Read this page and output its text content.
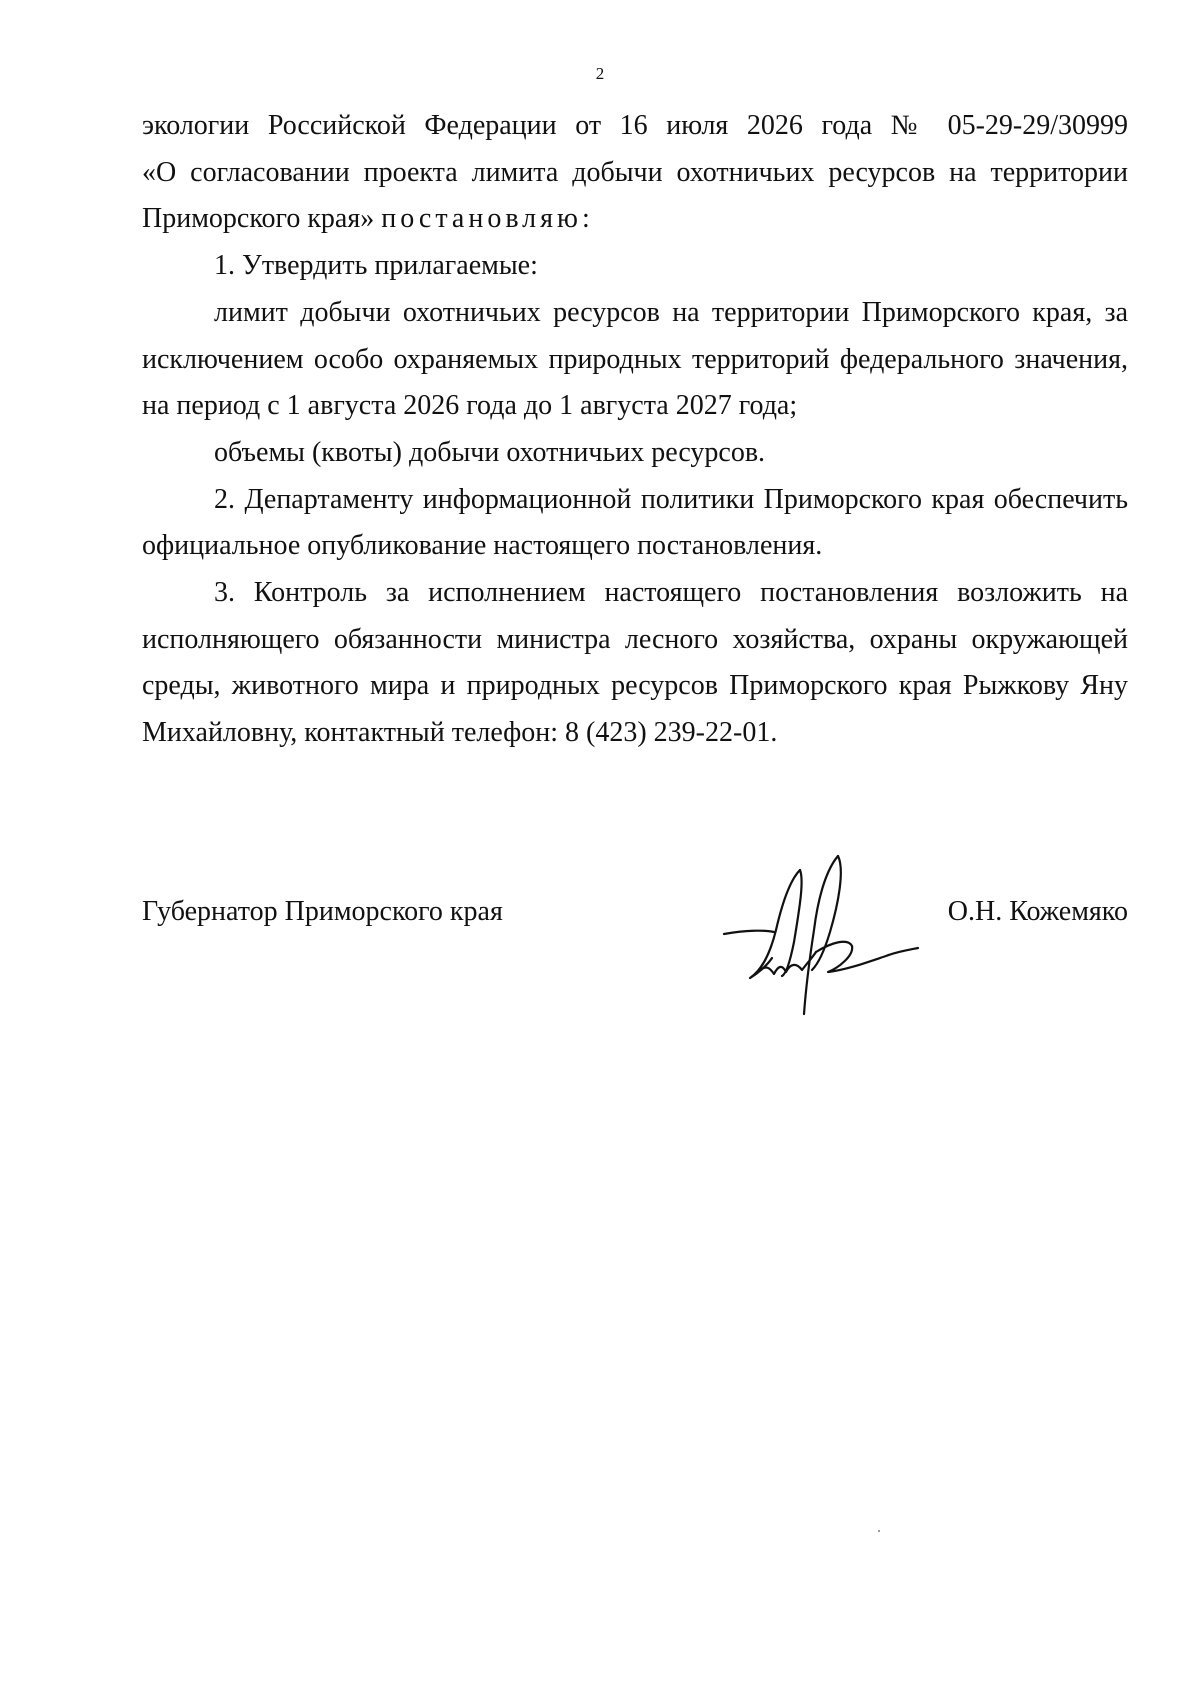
2

экологии Российской Федерации от 16 июля 2026 года № 05-29-29/30999

«О согласовании проекта лимита добычи охотничьих ресурсов на территории

Приморского края» постановляю:

1. Утвердить прилагаемые:

лимит добычи охотничьих ресурсов на территории Приморского края, за исключением особо охраняемых природных территорий федерального значения, на период с 1 августа 2026 года до 1 августа 2027 года;

объемы (квоты) добычи охотничьих ресурсов.

2. Департаменту информационной политики Приморского края обеспечить официальное опубликование настоящего постановления.

3. Контроль за исполнением настоящего постановления возложить на исполняющего обязанности министра лесного хозяйства, охраны окружающей среды, животного мира и природных ресурсов Приморского края Рыжкову Яну Михайловну, контактный телефон: 8 (423) 239-22-01.

Губернатор Приморского края	О.Н. Кожемяко
